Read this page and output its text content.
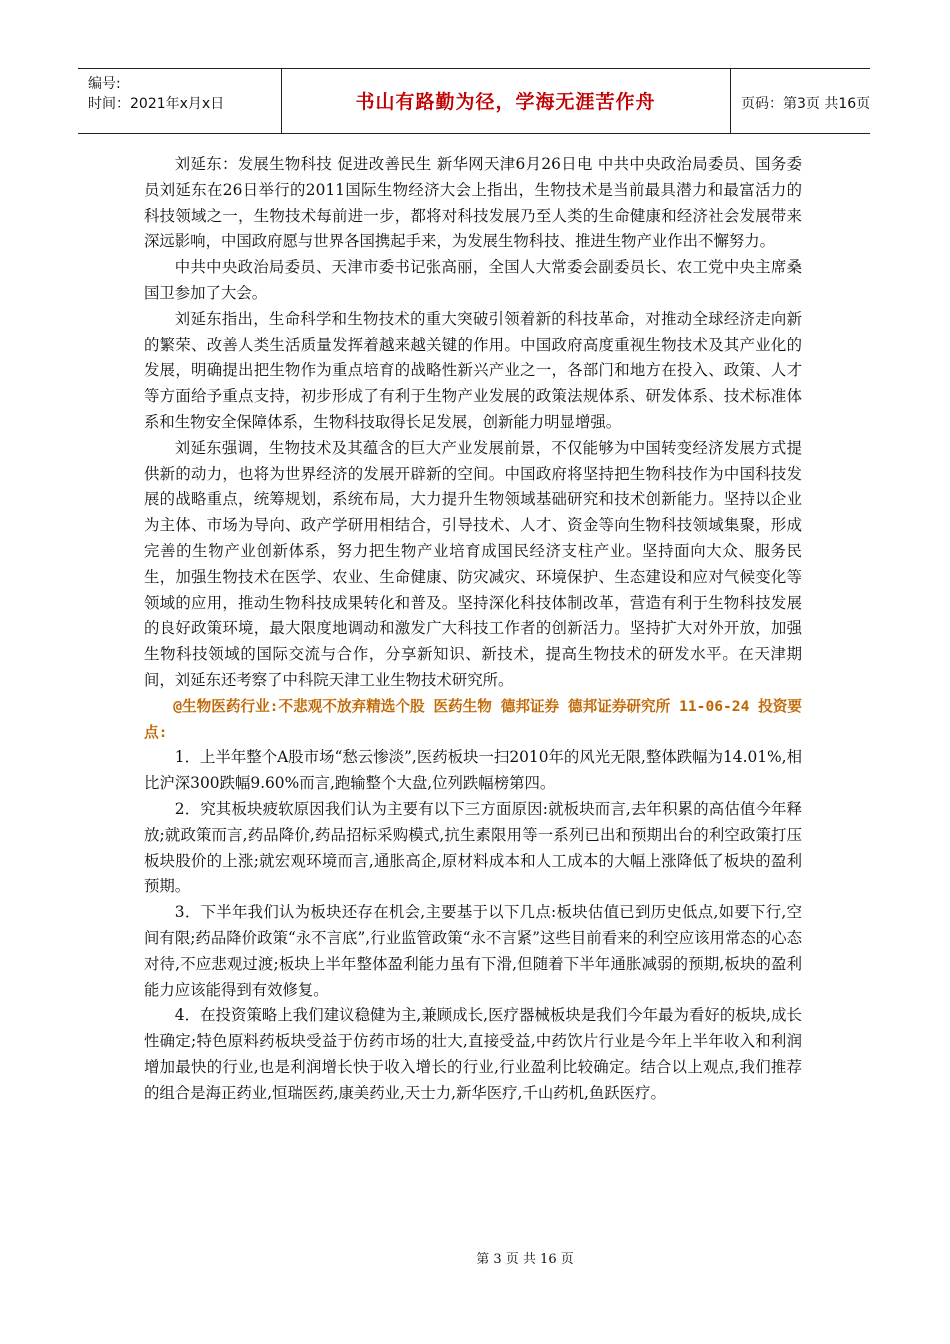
编号:
时间：2021年x月x日	书山有路勤为径，学海无涯苦作舟	页码：第3页 共16页

刘延东：发展生物科技 促进改善民生 新华网天津6月26日电 中共中央政治局委员、国务委员刘延东在26日举行的2011国际生物经济大会上指出，生物技术是当前最具潜力和最富活力的科技领域之一，生物技术每前进一步，都将对科技发展乃至人类的生命健康和经济社会发展带来深远影响，中国政府愿与世界各国携起手来，为发展生物科技、推进生物产业作出不懈努力。

中共中央政治局委员、天津市委书记张高丽，全国人大常委会副委员长、农工党中央主席桑国卫参加了大会。

刘延东指出，生命科学和生物技术的重大突破引领着新的科技革命，对推动全球经济走向新的繁荣、改善人类生活质量发挥着越来越关键的作用。中国政府高度重视生物技术及其产业化的发展，明确提出把生物作为重点培育的战略性新兴产业之一，各部门和地方在投入、政策、人才等方面给予重点支持，初步形成了有利于生物产业发展的政策法规体系、研发体系、技术标准体系和生物安全保障体系，生物科技取得长足发展，创新能力明显增强。

刘延东强调，生物技术及其蕴含的巨大产业发展前景，不仅能够为中国转变经济发展方式提供新的动力，也将为世界经济的发展开辟新的空间。中国政府将坚持把生物科技作为中国科技发展的战略重点，统筹规划，系统布局，大力提升生物领域基础研究和技术创新能力。坚持以企业为主体、市场为导向、政产学研用相结合，引导技术、人才、资金等向生物科技领域集聚，形成完善的生物产业创新体系，努力把生物产业培育成国民经济支柱产业。坚持面向大众、服务民生，加强生物技术在医学、农业、生命健康、防灾减灾、环境保护、生态建设和应对气候变化等领域的应用，推动生物科技成果转化和普及。坚持深化科技体制改革，营造有利于生物科技发展的良好政策环境，最大限度地调动和激发广大科技工作者的创新活力。坚持扩大对外开放，加强生物科技领域的国际交流与合作，分享新知识、新技术，提高生物技术的研发水平。在天津期间，刘延东还考察了中科院天津工业生物技术研究所。

@生物医药行业:不悲观不放弃精选个股 医药生物 德邦证券 德邦证券研究所 11-06-24 投资要点:

1．上半年整个A股市场“愁云惨淡”,医药板块一扫2010年的风光无限,整体跌幅为14.01%,相比沪深300跌幅9.60%而言,跑输整个大盘,位列跌幅榜第四。

2．究其板块疲软原因我们认为主要有以下三方面原因:就板块而言,去年积累的高估值今年释放;就政策而言,药品降价,药品招标采购模式,抗生素限用等一系列已出和预期出台的利空政策打压板块股价的上涨;就宏观环境而言,通胀高企,原材料成本和人工成本的大幅上涨降低了板块的盈利预期。

3．下半年我们认为板块还存在机会,主要基于以下几点:板块估值已到历史低点,如要下行,空间有限;药品降价政策“永不言底”,行业监管政策“永不言紧”这些目前看来的利空应该用常态的心态对待,不应悲观过渡;板块上半年整体盈利能力虽有下滑,但随着下半年通胀减弱的预期,板块的盈利能力应该能得到有效修复。

4．在投资策略上我们建议稳健为主,兼顾成长,医疗器械板块是我们今年最为看好的板块,成长性确定;特色原料药板块受益于仿药市场的壮大,直接受益,中药饮片行业是今年上半年收入和利润增加最快的行业,也是利润增长快于收入增长的行业,行业盈利比较确定。结合以上观点,我们推荐的组合是海正药业,恒瑞医药,康美药业,天士力,新华医疗,千山药机,鱼跃医疗。

第 3 页 共 16 页
